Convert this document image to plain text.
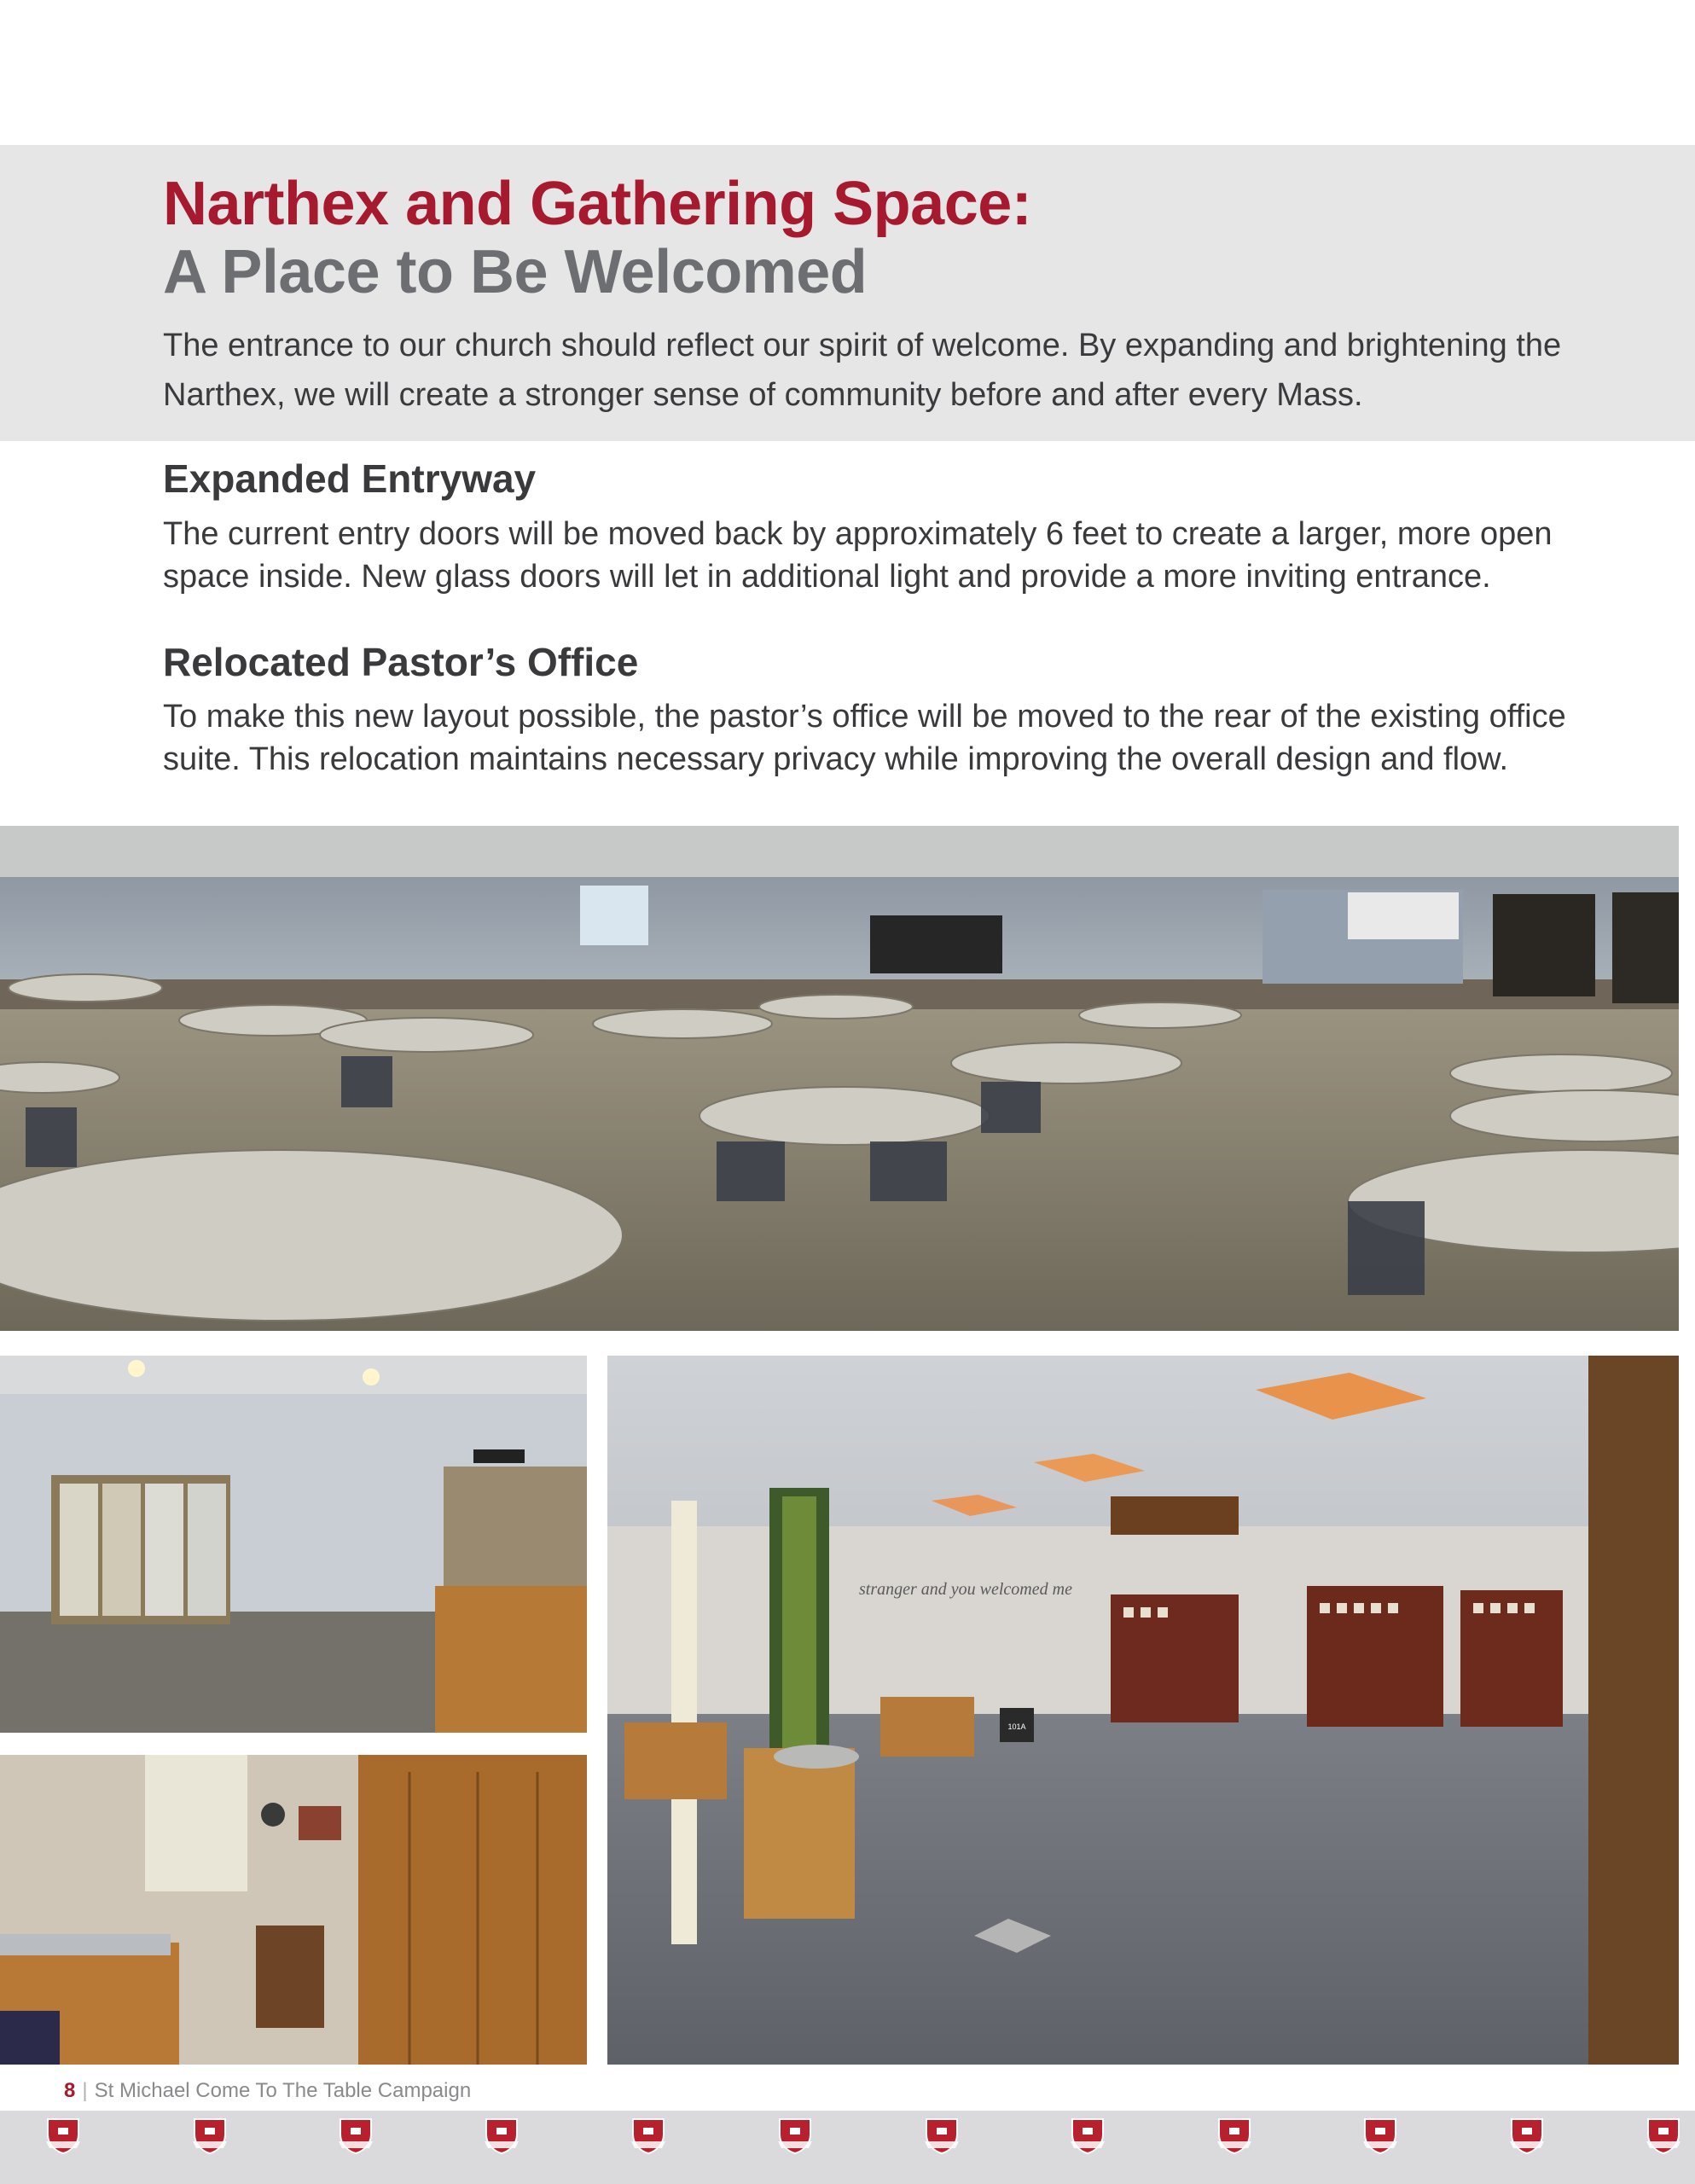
Narthex and Gathering Space:
A Place to Be Welcomed

The entrance to our church should reflect our spirit of welcome. By expanding and brightening the Narthex, we will create a stronger sense of community before and after every Mass.

Expanded Entryway

The current entry doors will be moved back by approximately 6 feet to create a larger, more open space inside. New glass doors will let in additional light and provide a more inviting entrance.

Relocated Pastor’s Office

To make this new layout possible, the pastor’s office will be moved to the rear of the existing office suite. This relocation maintains necessary privacy while improving the overall design and flow.

stranger and you welcomed me
101A
8 | St Michael Come To The Table Campaign
